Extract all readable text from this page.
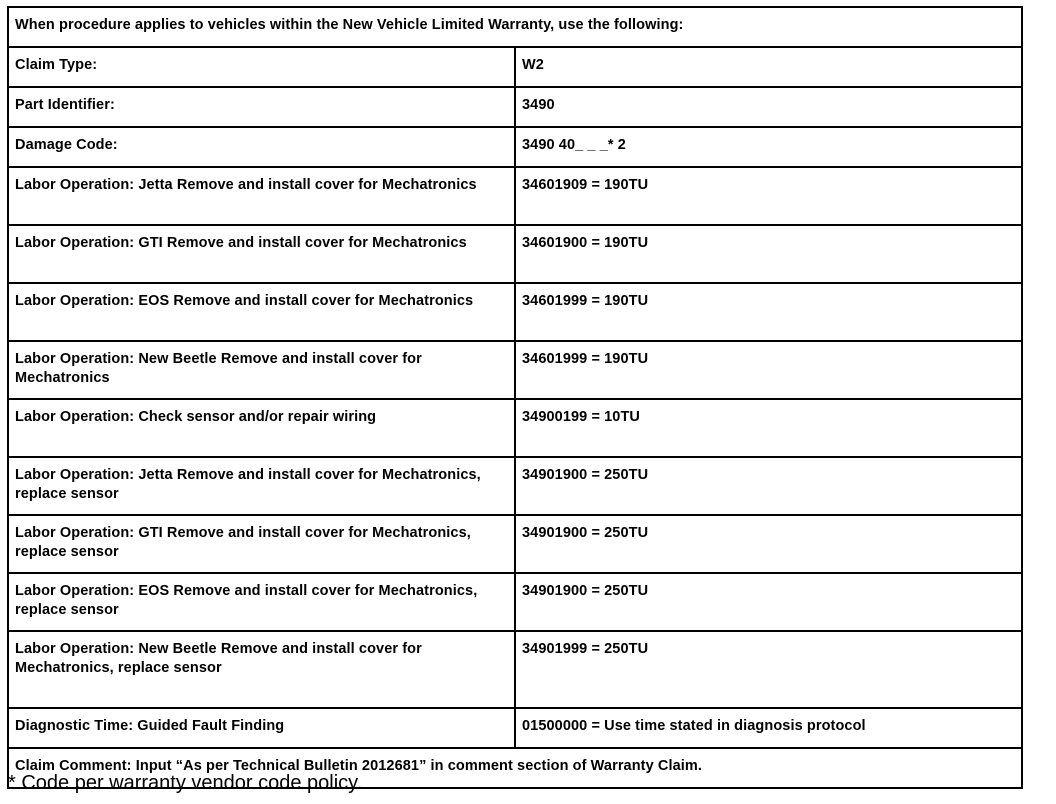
When procedure applies to vehicles within the New Vehicle Limited Warranty, use the following:	
Claim Type:	W2
Part Identifier:	3490
Damage Code:	3490 40_ _ _* 2
Labor Operation: Jetta Remove and install cover for Mechatronics	34601909 = 190TU
Labor Operation: GTI Remove and install cover for Mechatronics	34601900 = 190TU
Labor Operation: EOS Remove and install cover for Mechatronics	34601999 = 190TU
Labor Operation: New Beetle Remove and install cover for Mechatronics	34601999 = 190TU
Labor Operation: Check sensor and/or repair wiring	34900199 = 10TU
Labor Operation: Jetta Remove and install cover for Mechatronics, replace sensor	34901900 = 250TU
Labor Operation: GTI Remove and install cover for Mechatronics, replace sensor	34901900 = 250TU
Labor Operation: EOS Remove and install cover for Mechatronics, replace sensor	34901900 = 250TU
Labor Operation: New Beetle Remove and install cover for Mechatronics, replace sensor	34901999 = 250TU
Diagnostic Time: Guided Fault Finding	01500000 = Use time stated in diagnosis protocol
Claim Comment: Input “As per Technical Bulletin 2012681” in comment section of Warranty Claim.	
* Code per warranty vendor code policy.
